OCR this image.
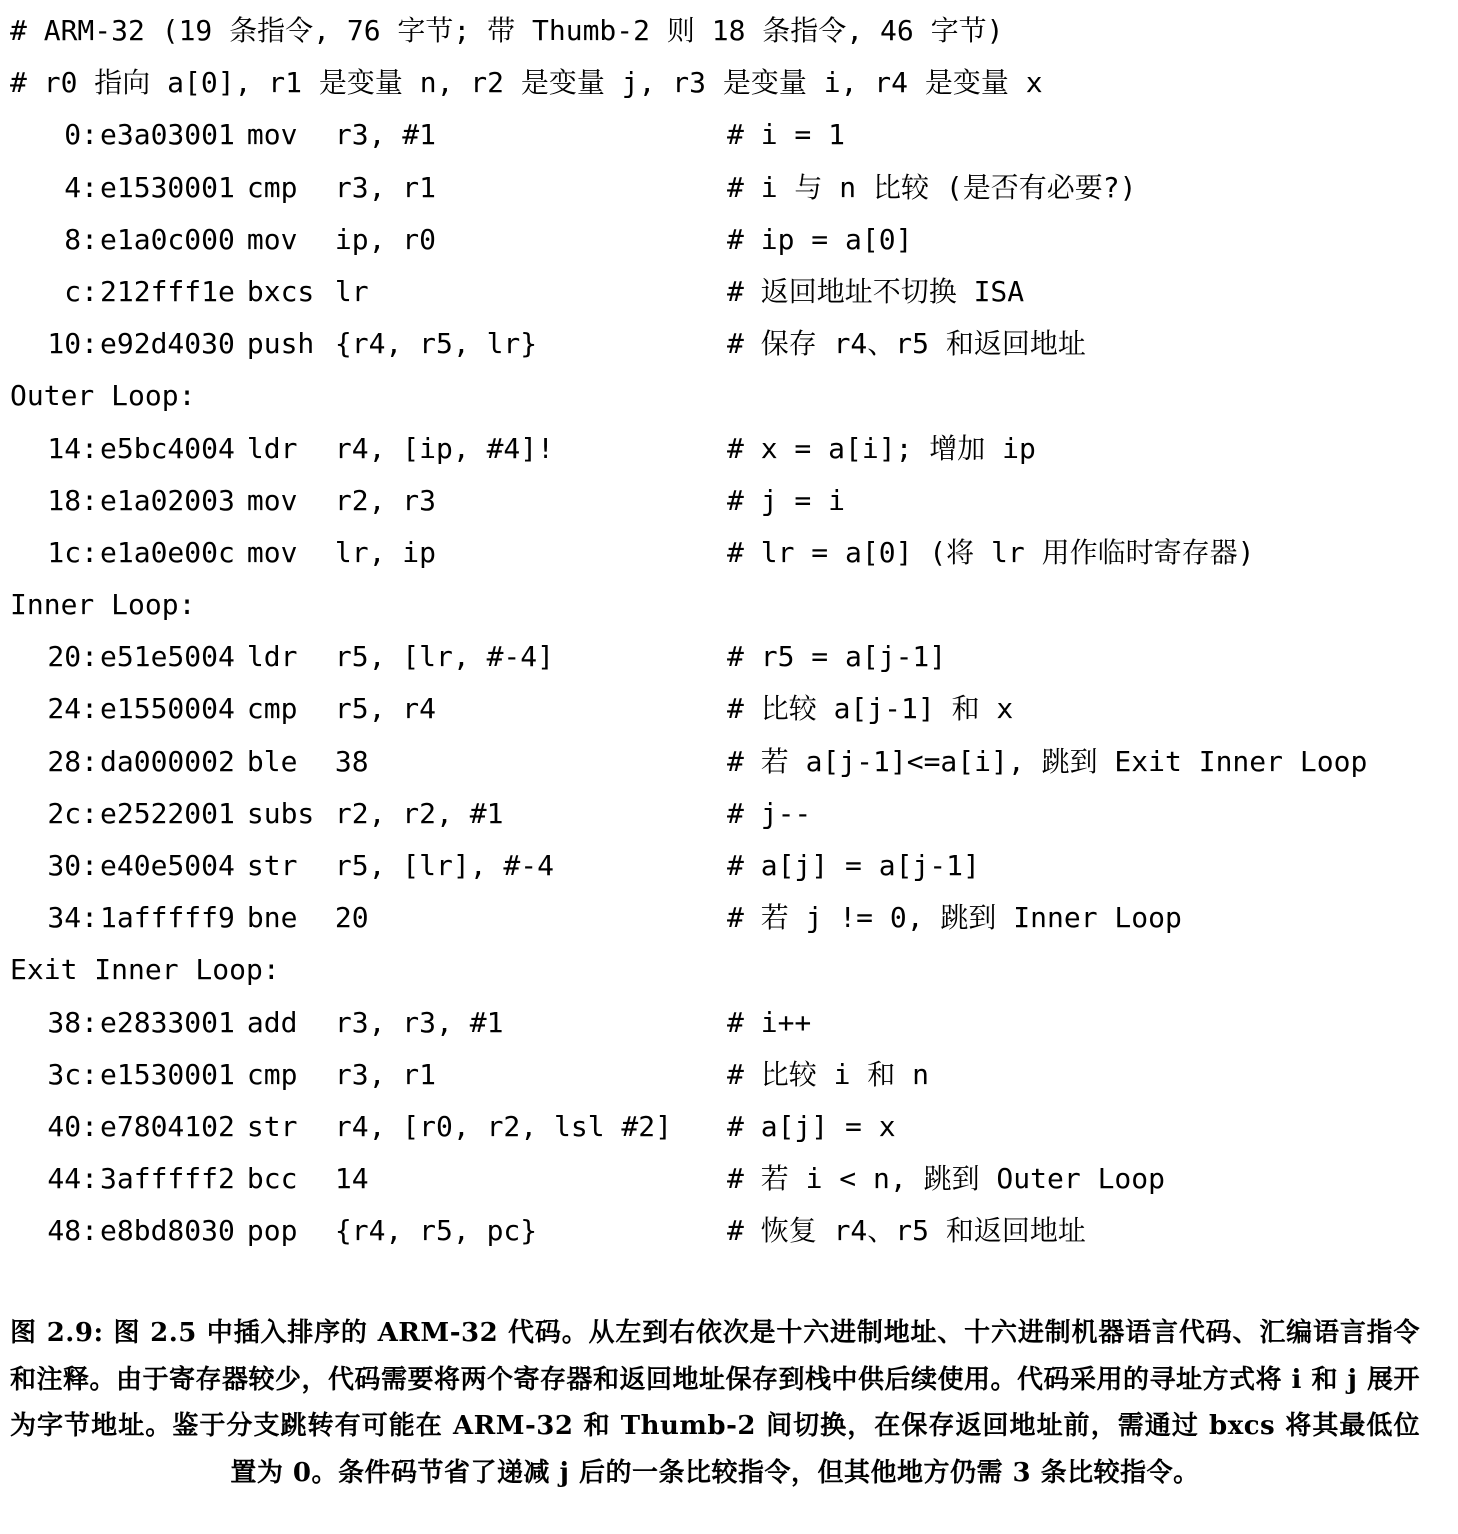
# ARM-32 (19 条指令, 76 字节; 带 Thumb-2 则 18 条指令, 46 字节)
# r0 指向 a[0], r1 是变量 n, r2 是变量 j, r3 是变量 i, r4 是变量 x
0:e3a03001 mov r3, #1	# i = 1
4:e1530001 cmp r3, r1	# i 与 n 比较 (是否有必要?)
8:e1a0c000 mov ip, r0	# ip = a[0]
c:212fff1e bxcs lr	# 返回地址不切换 ISA
10:e92d4030 push {r4, r5, lr}	# 保存 r4、r5 和返回地址
Outer Loop:
14:e5bc4004 ldr r4, [ip, #4]!	# x = a[i]; 增加 ip
18:e1a02003 mov r2, r3	# j = i
1c:e1a0e00c mov lr, ip	# lr = a[0] (将 lr 用作临时寄存器)
Inner Loop:
20:e51e5004 ldr r5, [lr, #-4]	# r5 = a[j-1]
24:e1550004 cmp r5, r4	# 比较 a[j-1] 和 x
28:da000002 ble 38	# 若 a[j-1]<=a[i], 跳到 Exit Inner Loop
2c:e2522001 subs r2, r2, #1	# j--
30:e40e5004 str r5, [lr], #-4	# a[j] = a[j-1]
34:1afffff9 bne 20	# 若 j != 0, 跳到 Inner Loop
Exit Inner Loop:
38:e2833001 add r3, r3, #1	# i++
3c:e1530001 cmp r3, r1	# 比较 i 和 n
40:e7804102 str r4, [r0, r2, lsl #2] # a[j] = x
44:3afffff2 bcc 14	# 若 i < n, 跳到 Outer Loop
48:e8bd8030 pop {r4, r5, pc}	# 恢复 r4、r5 和返回地址
图 2.9: 图 2.5 中插入排序的 ARM-32 代码。从左到右依次是十六进制地址、十六进制机器语言代码、汇编语言指令和注释。由于寄存器较少，代码需要将两个寄存器和返回地址保存到栈中供后续使用。代码采用的寻址方式将 i 和 j 展开为字节地址。鉴于分支跳转有可能在 ARM-32 和 Thumb-2 间切换，在保存返回地址前，需通过 bxcs 将其最低位置为 0。条件码节省了递减 j 后的一条比较指令，但其他地方仍需 3 条比较指令。
